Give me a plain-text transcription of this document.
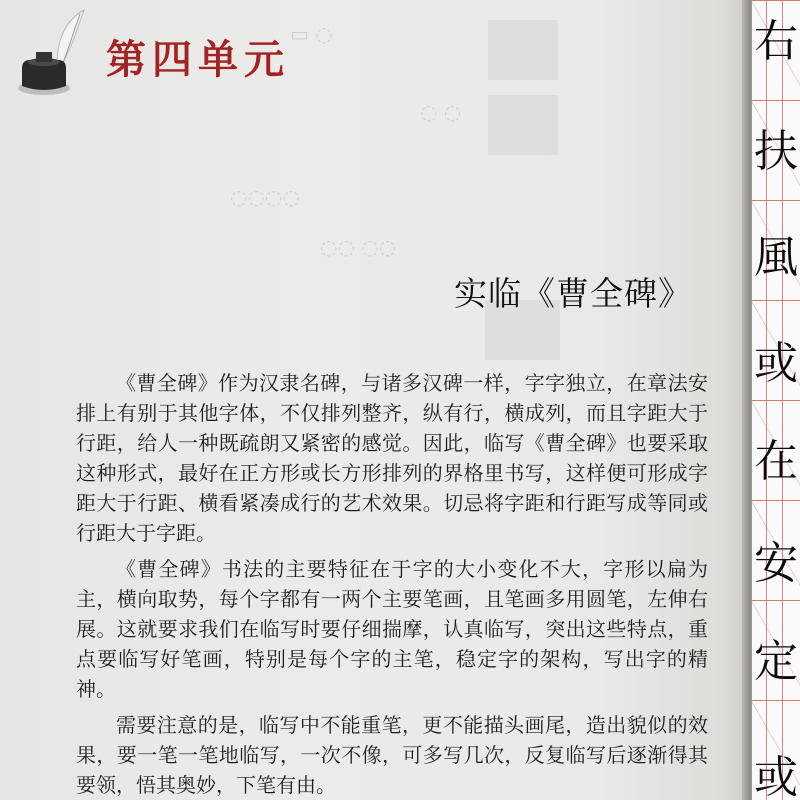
▭ ◌
◌ ◌
◌◌◌◌
◌◌ ◌◌
第四单元
实临《曹全碑》

《曹全碑》作为汉隶名碑，与诸多汉碑一样，字字独立，在章法安排上有别于其他字体，不仅排列整齐，纵有行，横成列，而且字距大于行距，给人一种既疏朗又紧密的感觉。因此，临写《曹全碑》也要采取这种形式，最好在正方形或长方形排列的界格里书写，这样便可形成字距大于行距、横看紧凑成行的艺术效果。切忌将字距和行距写成等同或行距大于字距。

《曹全碑》书法的主要特征在于字的大小变化不大，字形以扁为主，横向取势，每个字都有一两个主要笔画，且笔画多用圆笔，左伸右展。这就要求我们在临写时要仔细揣摩，认真临写，突出这些特点，重点要临写好笔画，特别是每个字的主笔，稳定字的架构，写出字的精神。

需要注意的是，临写中不能重笔，更不能描头画尾，造出貌似的效果，要一笔一笔地临写，一次不像，可多写几次，反复临写后逐渐得其要领，悟其奥妙，下笔有由。

右
扶
風
或
在
安
定
或
